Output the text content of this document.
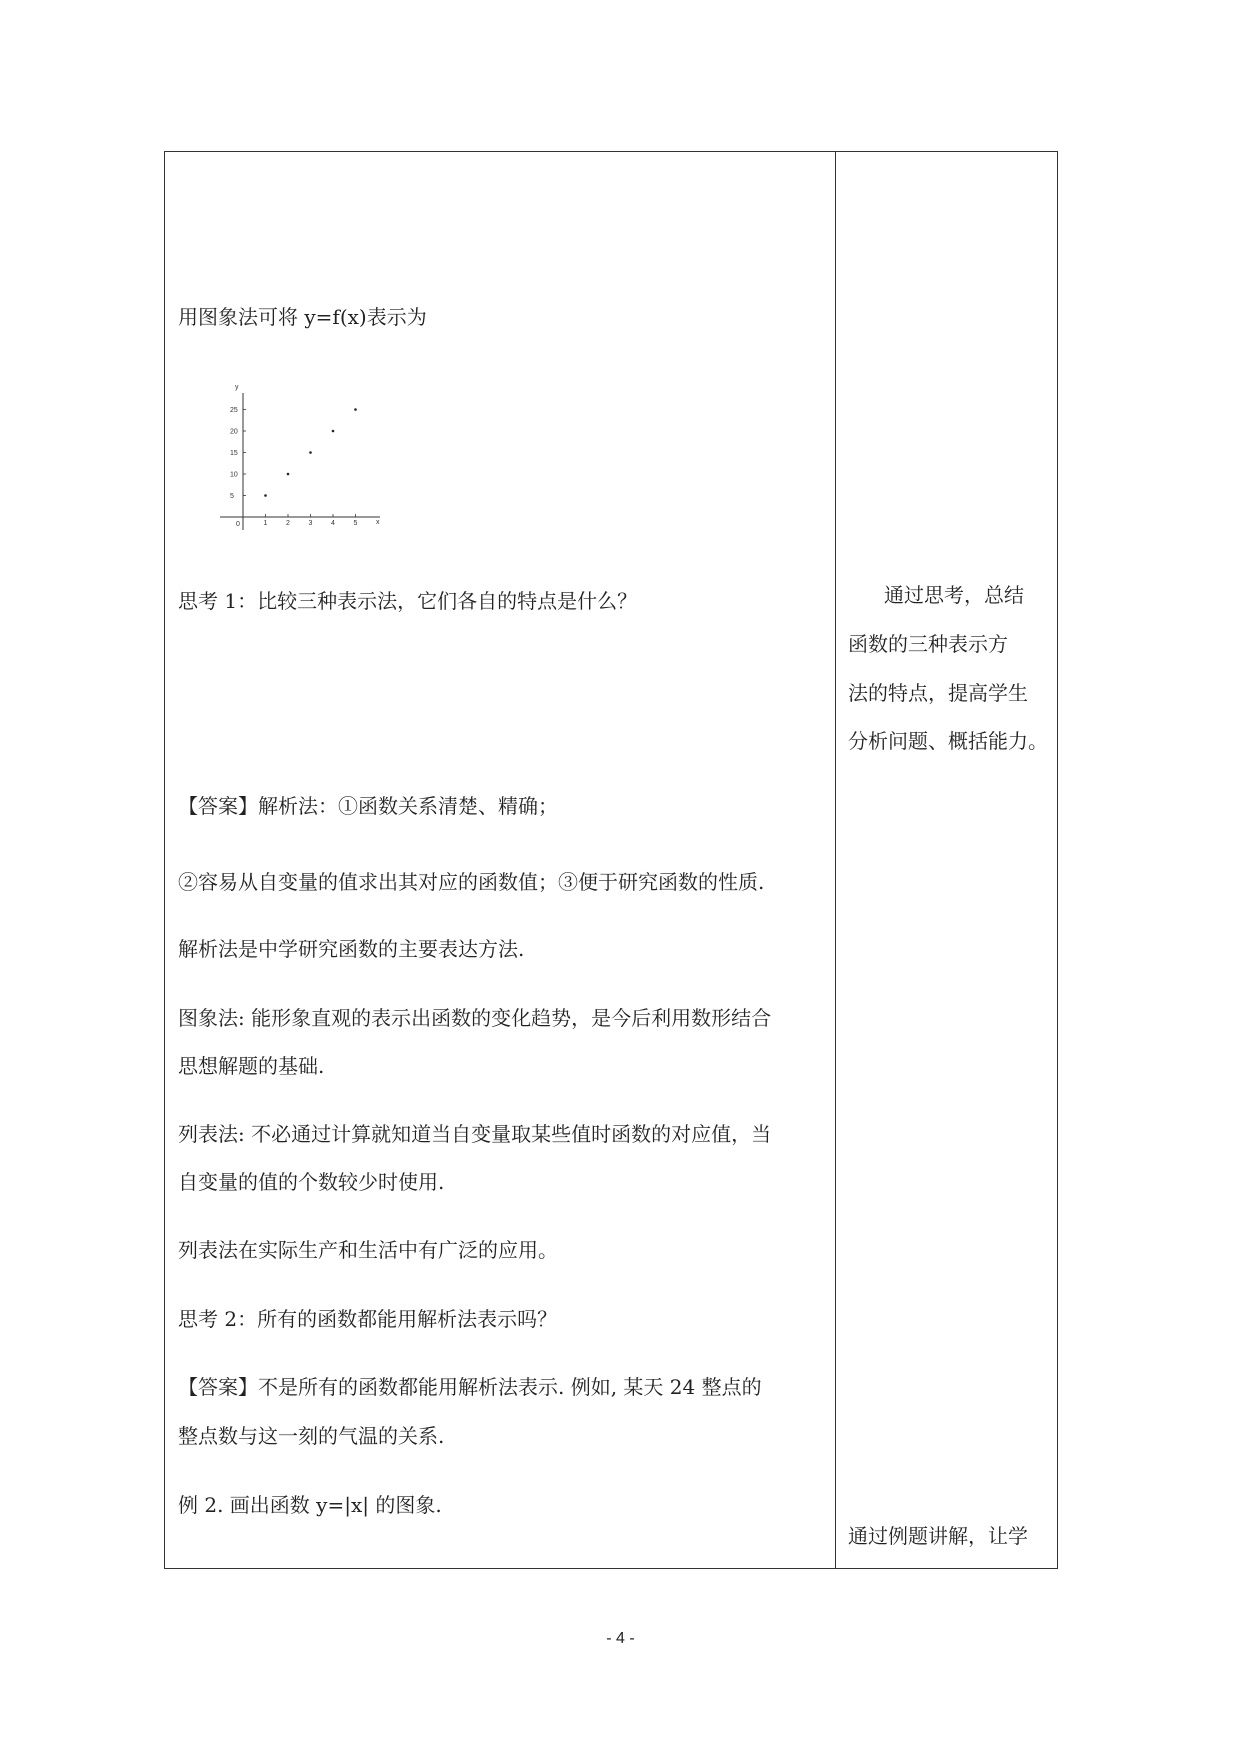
用图象法可将 y=f(x)表示为
y
x
0	1	2	3	4	5
5
10
15
20
25
思考 1：比较三种表示法，它们各自的特点是什么？
【答案】解析法：①函数关系清楚、精确；
②容易从自变量的值求出其对应的函数值；③便于研究函数的性质.
解析法是中学研究函数的主要表达方法.
图象法: 能形象直观的表示出函数的变化趋势，是今后利用数形结合
思想解题的基础.
列表法: 不必通过计算就知道当自变量取某些值时函数的对应值，当
自变量的值的个数较少时使用.
列表法在实际生产和生活中有广泛的应用。
思考 2：所有的函数都能用解析法表示吗？
【答案】不是所有的函数都能用解析法表示. 例如, 某天 24 整点的
整点数与这一刻的气温的关系.
例 2. 画出函数 y=|x| 的图象.
通过思考，总结
函数的三种表示方
法的特点，提高学生
分析问题、概括能力。
通过例题讲解，让学
- 4 -
